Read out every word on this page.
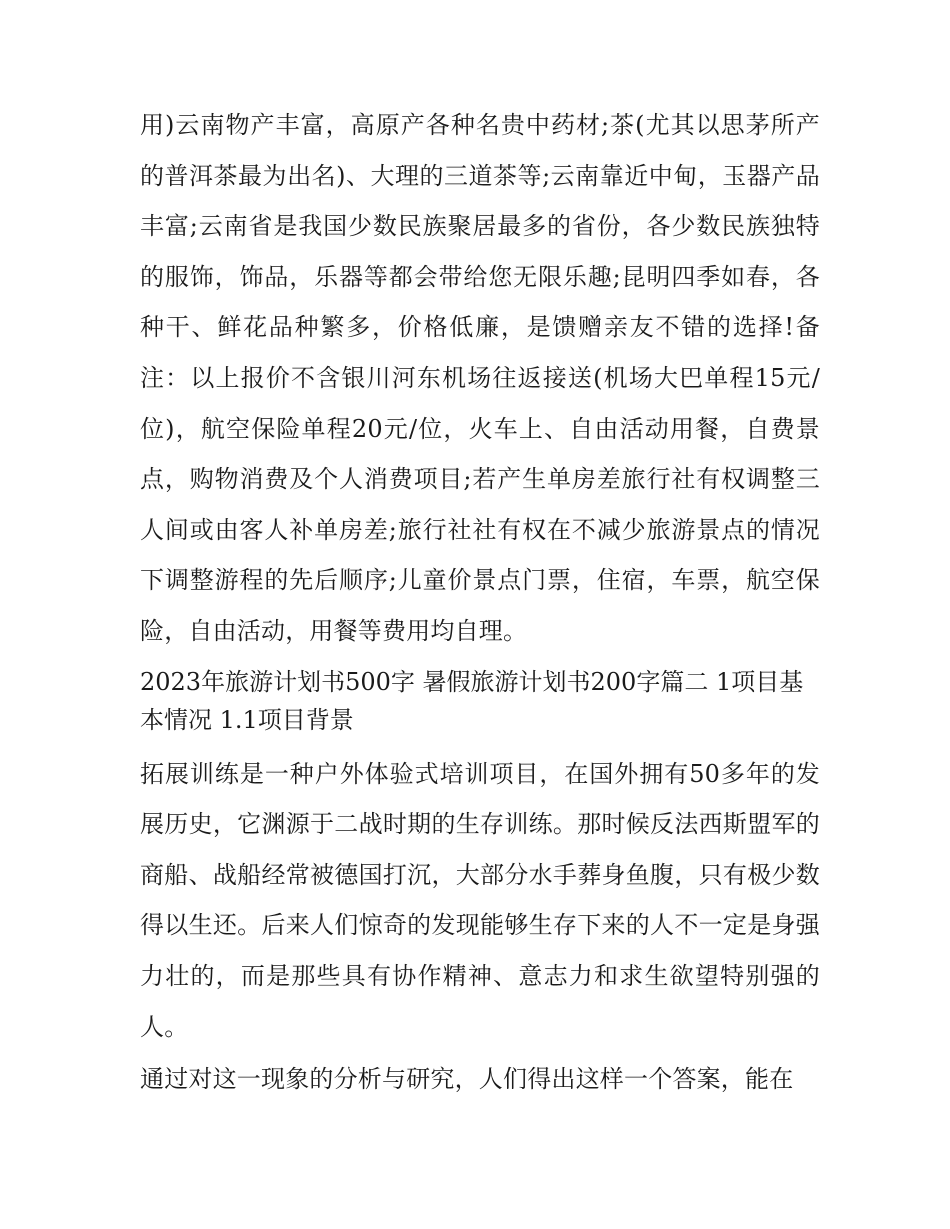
用)云南物产丰富，高原产各种名贵中药材;茶(尤其以思茅所产的普洱茶最为出名)、大理的三道茶等;云南靠近中甸，玉器产品丰富;云南省是我国少数民族聚居最多的省份，各少数民族独特的服饰，饰品，乐器等都会带给您无限乐趣;昆明四季如春，各种干、鲜花品种繁多，价格低廉，是馈赠亲友不错的选择!备注：以上报价不含银川河东机场往返接送(机场大巴单程15元/位)，航空保险单程20元/位，火车上、自由活动用餐，自费景点，购物消费及个人消费项目;若产生单房差旅行社有权调整三人间或由客人补单房差;旅行社社有权在不减少旅游景点的情况下调整游程的先后顺序;儿童价景点门票，住宿，车票，航空保险，自由活动，用餐等费用均自理。

2023年旅游计划书500字 暑假旅游计划书200字篇二 1项目基本情况 1.1项目背景

拓展训练是一种户外体验式培训项目，在国外拥有50多年的发展历史，它渊源于二战时期的生存训练。那时候反法西斯盟军的商船、战船经常被德国打沉，大部分水手葬身鱼腹，只有极少数得以生还。后来人们惊奇的发现能够生存下来的人不一定是身强力壮的，而是那些具有协作精神、意志力和求生欲望特别强的人。

通过对这一现象的分析与研究，人们得出这样一个答案，能在
